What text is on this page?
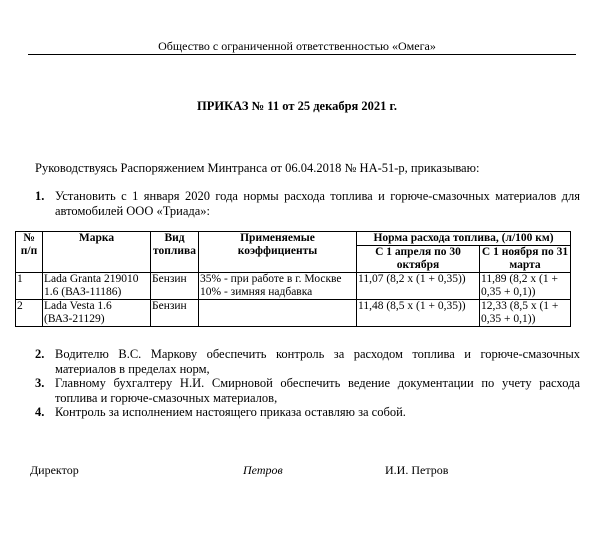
Общество с ограниченной ответственностью «Омега»
ПРИКАЗ № 11 от 25 декабря 2021 г.
Руководствуясь Распоряжением Минтранса от 06.04.2018 № НА-51-р, приказываю:
1. Установить с 1 января 2020 года нормы расхода топлива и горюче-смазочных материалов для автомобилей ООО «Триада»:
№ п/п	Марка	Вид топлива	Применяемые коэффициенты	Норма расхода топлива, (л/100 км)	
				С 1 апреля по 30 октября	С 1 ноября по 31 марта
1	Lada Granta 219010 1.6 (ВАЗ-11186)	Бензин	35% - при работе в г. Москве 10% - зимняя надбавка	11,07 (8,2 х (1 + 0,35))	11,89 (8,2 х (1 + 0,35 + 0,1))
2	Lada Vesta 1.6 (ВАЗ-21129)	Бензин		11,48 (8,5 х (1 + 0,35))	12,33 (8,5 х (1 + 0,35 + 0,1))
2. Водителю В.С. Маркову обеспечить контроль за расходом топлива и горюче-смазочных материалов в пределах норм,
3. Главному бухгалтеру Н.И. Смирновой обеспечить ведение документации по учету расхода топлива и горюче-смазочных материалов,
4. Контроль за исполнением настоящего приказа оставляю за собой.
Директор	Петров	И.И. Петров
